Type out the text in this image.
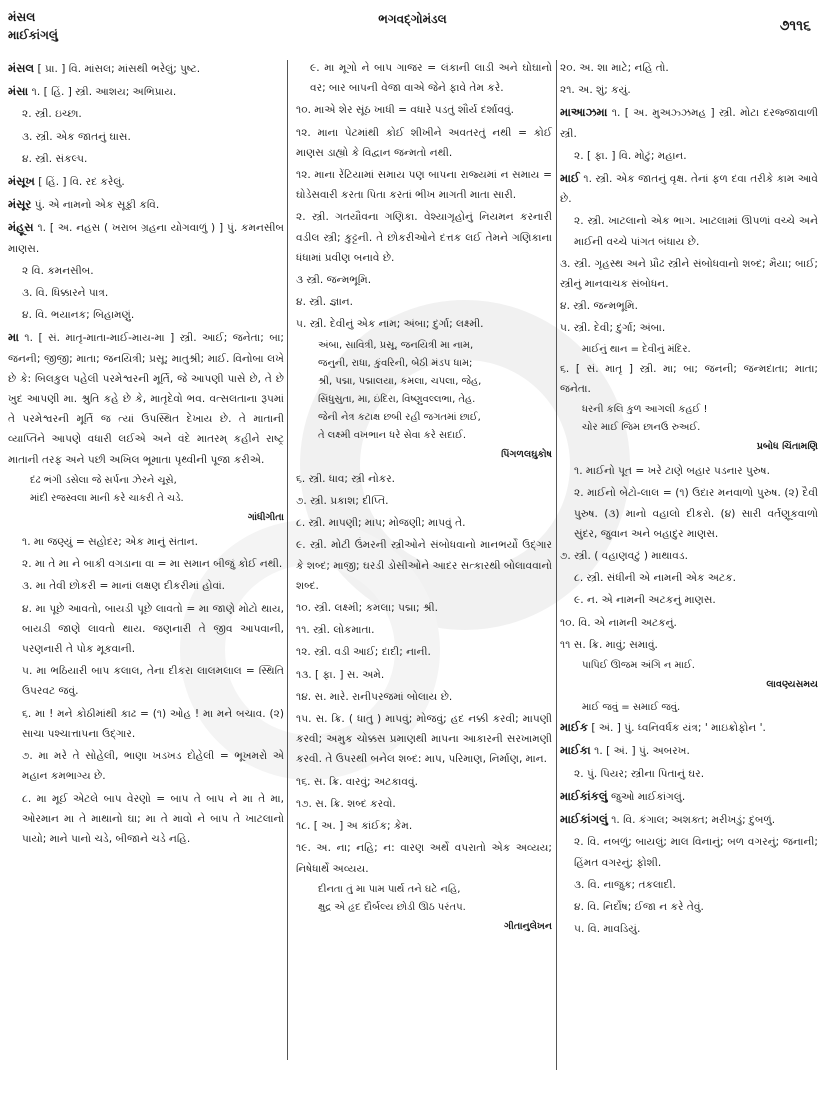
મંસલ
માઈકાંગલું
ભગવદ્ગોમંડલ	૭૧૧૬

મંસલ [ પ્રા. ] વિ. માંસલ; માંસથી ભરેલું; પુષ્ટ.

મંસા ૧. [ હિં. ] સ્ત્રી. આશય; અભિપ્રાય.

૨. સ્ત્રી. ઇચ્છા.

૩. સ્ત્રી. એક જાતનું ઘાસ.

૪. સ્ત્રી. સંકલ્પ.

મંસૂખ [ હિં. ] વિ. રદ કરેલું.

મંસૂર પું. એ નામનો એક સૂફી કવિ.

મંહૂસ ૧. [ અ. નહસ ( ખરાબ ગ્રહના યોગવાળું ) ] પું. કમનસીબ માણસ.

૨ વિ. કમનસીબ.

૩. વિ. ધિક્કારને પાત્ર.

૪. વિ. ભયાનક; બિહામણું.

મા ૧. [ સં. માતૃ-માતા-માઈ-માય-મા ] સ્ત્રી. આઈ; જનેતા; બા; જનની; જીજી; માતા; જનયિત્રી; પ્રસૂ; માતુશ્રી; માઈ. વિનોબા લખે છે કે: બિલકુલ પહેલી પરમેશ્વરની મૂર્તિ, જે આપણી પાસે છે, તે છે ખુદ આપણી મા. શ્રુતિ કહે છે કે, માતૃદેવો ભવ. વત્સલતાના રૂપમાં તે પરમેશ્વરની મૂર્તિ જ ત્યાં ઉપસ્થિત દેખાય છે. તે માતાની વ્યાપ્તિને આપણે વધારી લઈએ અને વંદે માતરમ્ કહીને રાષ્ટ્ર માતાની તરફ અને પછી અખિલ ભૂમાતા પૃથ્વીની પૂજા કરીએ.

દંઢ ભંગી ડસેલા જે સર્પના ઝેરને ચૂસે,

માંદી રજસ્વલા માની કરે ચાકરી તે ચડે.

ગાંધીગીતા

૧. મા જણ્યું = સહોદર; એક માનું સંતાન.

૨. મા તે મા ને બાકી વગડાના વા = મા સમાન બીજું કોઈ નથી.

૩. મા તેવી છોકરી = માનાં લક્ષણ દીકરીમાં હોવાં.

૪. મા પૂછે આવતો, બાયડી પૂછે લાવતો = મા જાણે મોટો થાય, બાયડી જાણે લાવતો થાય. જણનારી તે જીવ આપવાની, પરણનારી તે પોક મૂકવાની.

૫. મા ભઠિયારી બાપ કલાલ, તેના દીકરા લાલમલાલ = સ્થિતિ ઉપરવટ જવું.

૬. મા ! મને કોઠીમાંથી કાઢ = (૧) ઓહ ! મા મને બચાવ. (૨) સાચા પશ્ચાત્તાપના ઉદ્ગાર.

૭. મા મરે તે સોહેલી, ભાણા ખડખડ દોહેલી = ભૂખમરો એ મહાન કમભાગ્ય છે.

૮. મા મૂઈ એટલે બાપ વેરણો = બાપ તે બાપ ને મા તે મા, ઓરમાન મા તે માથાનો ઘા; મા તે માવો ને બાપ તે ખાટલાનો પાયો; માને પાનો ચડે, બીજાને ચડે નહિ.

૯. મા મૂગો ને બાપ ગાજર = લંકાની લાડી અને ઘોઘાનો વર; બાર બાપની વેજા વાએ જેને ફાવે તેમ કરે.

૧૦. માએ શેર સૂંઠ ખાધી = વધારે પડતું શૌર્ય દર્શાવવું.

૧૨. માના પેટમાંથી કોઈ શીખીને અવતરતું નથી = કોઈ માણસ ડાહ્યો કે વિદ્વાન જન્મતો નથી.

૧૨. માના રેંટિયામાં સમાય પણ બાપના રાજ્યમાં ન સમાય = ઘોડેસવારી કરતા પિતા કરતાં ભીખ માગતી માતા સારી.

૨. સ્ત્રી. ગતયૌવના ગણિકા. વેશ્યાગૃહોનું નિયમન કરનારી વડીલ સ્ત્રી; કુટ્ટની. તે છોકરીઓને દત્તક લઈ તેમને ગણિકાના ધંધામાં પ્રવીણ બનાવે છે.

૩ સ્ત્રી. જન્મભૂમિ.

૪. સ્ત્રી. જ્ઞાન.

૫. સ્ત્રી. દેવીનું એક નામ; અંબા; દુર્ગા; લક્ષ્મી.

અંબા, સાવિત્રી, પ્રસૂ, જનયિત્રી મા નામ,

જનુની, રાધા, કુંવરિની, બેઠી મંડપ ધામ;

શ્રી, પદ્મા, પદ્માલયા, કમલા, ચપલા, જેહ,

સિંધુસુતા, મા, ઇંદિરા, વિષ્ણુવલ્લભા, તેહ.

જેની નેત્ર કટાક્ષ છબી રહી જગતમાં છાઈ,

તે લક્ષ્મી વખભાન ધરે સેવા કરે સદાઈ.

પિંગળલઘુકોષ

૬. સ્ત્રી. ધાવ; સ્ત્રી નોકર.

૭. સ્ત્રી. પ્રકાશ; દીપ્તિ.

૮. સ્ત્રી. માપણી; માપ; મોજણી; માપવું તે.

૯. સ્ત્રી. મોટી ઉંમરની સ્ત્રીઓને સંબોધવાનો માનભર્યો ઉદ્ગાર કે શબ્દ; માજી; ઘરડી ડોસીઓને આદર સત્કારથી બોલાવવાનો શબ્દ.

૧૦. સ્ત્રી. લક્ષ્મી; કમલા; પદ્મા; શ્રી.

૧૧. સ્ત્રી. લોકમાતા.

૧૨. સ્ત્રી. વડી આઈ; દાદી; નાની.

૧૩. [ ફા. ] સ. અમે.

૧૪. સ. મારે. રાનીપરજમાં બોલાય છે.

૧૫. સ. ક્રિ. ( ધાતુ ) માપવું; મોજવું; હદ નક્કી કરવી; માપણી કરવી; અમુક ચોક્કસ પ્રમાણથી માપના આકારની સરખામણી કરવી. તે ઉપરથી બનેલ શબ્દ: માપ, પરિમાણ, નિર્માણ, માન.

૧૬. સ. ક્રિ. વારવું; અટકાવવું.

૧૭. સ. ક્રિ. શબ્દ કરવો.

૧૮. [ અ. ] અ કાંઈક; કેમ.

૧૯. અ. ના; નહિ; ન: વારણ અર્થે વપરાતો એક અવ્યય; નિષેધાર્થે અવ્યય.

દીનતા તું મા પામ પાર્થ તને ઘટે નહિ,

ક્ષુદ્ર એ હૃદ દૌર્બલ્ય છોડી ઊઠ પરંતપ.

ગીતાનુલેખન

૨૦. અ. શા માટે; નહિ તો.

૨૧. અ. શું; કયું.

માઆઝમા ૧. [ અ. મુઅઝ્ઝમહ ] સ્ત્રી. મોટા દરજ્જાવાળી સ્ત્રી.

૨. [ ફા. ] વિ. મોટું; મહાન.

માઈ ૧. સ્ત્રી. એક જાતનું વૃક્ષ. તેનાં ફળ દવા તરીકે કામ આવે છે.

૨. સ્ત્રી. ખાટલાનો એક ભાગ. ખાટલામાં ઊપળાં વચ્ચે અને માઈની વચ્ચે પાંગત બંધાય છે.

૩. સ્ત્રી. ગૃહસ્થ અને પ્રૌઢ સ્ત્રીને સંબોધવાનો શબ્દ; મૈયા; બાઈ; સ્ત્રીનું માનવાચક સંબોધન.

૪. સ્ત્રી. જન્મભૂમિ.

૫. સ્ત્રી. દેવી; દુર્ગા; અંબા.

માઈનું થાન = દેવીનું મંદિર.

૬. [ સં. માતૃ ] સ્ત્રી. મા; બા; જનની; જન્મદાતા; માતા; જનેતા.

ધરની કલિ કુળ આગલી કહઈ !

ચોર માઈ જિમ છાનઉ રુઅઈ.

પ્રબોધ ચિંતામણિ

૧. માઈનો પૂત = ખરે ટાણે બહાર પડનાર પુરુષ.

૨. માઈનો બેટો-લાલ = (૧) ઉદાર મનવાળો પુરુષ. (૨) દૈવી પુરુષ. (૩) માનો વહાલો દીકરો. (૪) સારી વર્તણૂકવાળો સુંદર, જુવાન અને બહાદુર માણસ.

૭. સ્ત્રી. ( વહાણવટું ) માથાવડ.

૮. સ્ત્રી. સંધીની એ નામની એક અટક.

૯. ન. એ નામની અટકનું માણસ.

૧૦. વિ. એ નામની અટકનું.

૧૧ સ. ક્રિ. માવું; સમાવું.

પાપિઈ ઊજમ અંગિ ન માઈ.

લાવણ્યસમય

માઈ જવું = સમાઈ જવું.

માઈક [ અં. ] પું. ધ્વનિવર્ધક યંત્ર; ' માઇક્રોફોન '.

માઈકા ૧. [ અં. ] પું. અબરખ.

૨. પું. પિયર; સ્ત્રીના પિતાનું ઘર.

માઈકાંકલું જુઓ માઈકાંગલું.

માઈકાંગલું ૧. વિ. કંગાલ; અશક્ત; મરીખડું; દુબળું.

૨. વિ. નબળું; બાયલું; માલ વિનાનું; બળ વગરનું; જનાની; હિંમત વગરનું; ફોશી.

૩. વિ. નાજુક; તકલાદી.

૪. વિ. નિર્દોષ; ઈજા ન કરે તેવું.

૫. વિ. માવડિયું.
